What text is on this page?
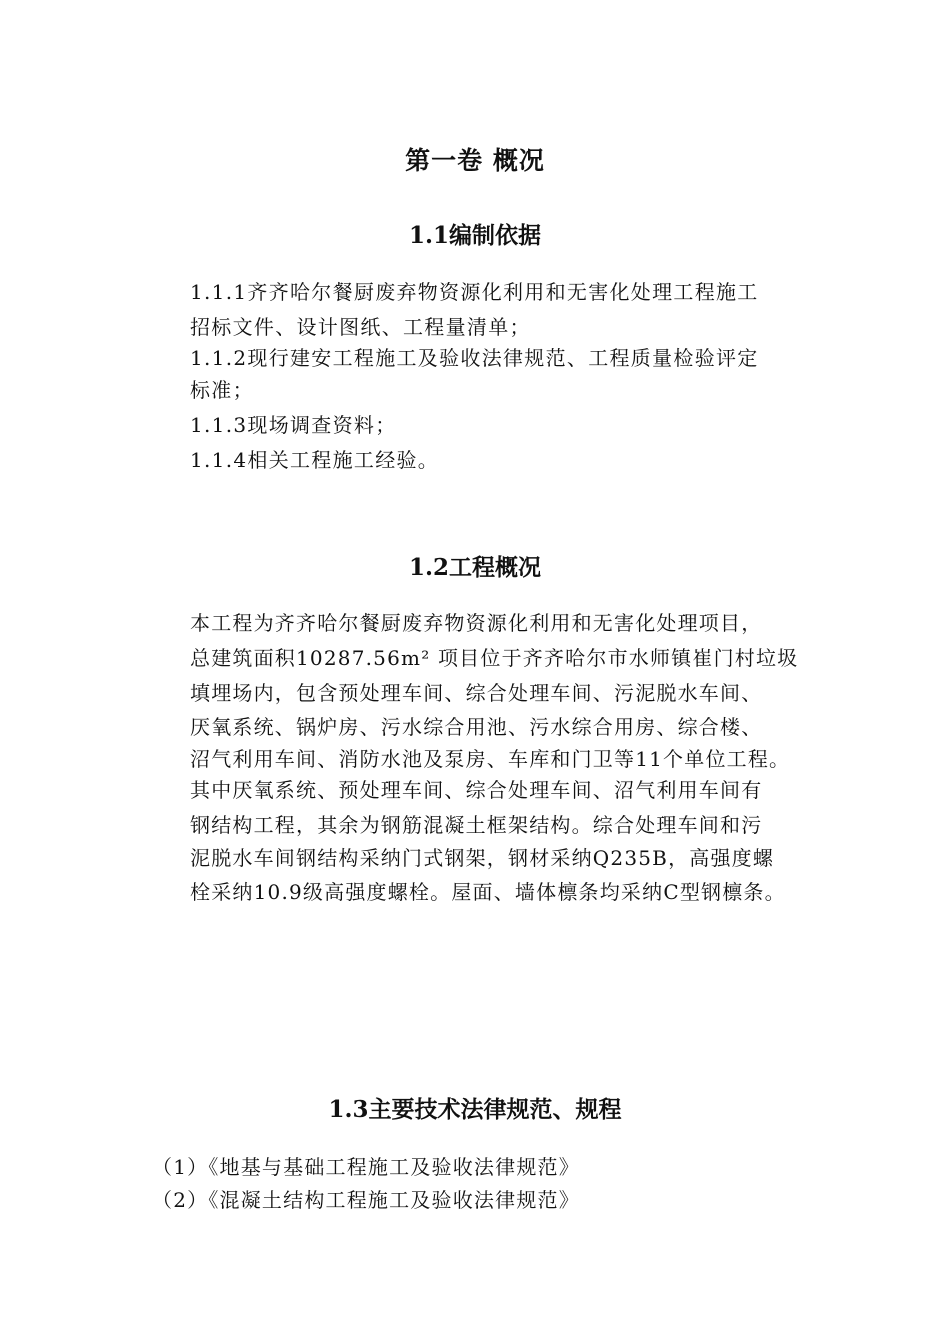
第一卷 概况
1.1编制依据
1.1.1齐齐哈尔餐厨废弃物资源化利用和无害化处理工程施工
招标文件、设计图纸、工程量清单；
1.1.2现行建安工程施工及验收法律规范、工程质量检验评定
标准；
1.1.3现场调查资料；
1.1.4相关工程施工经验。
1.2工程概况
本工程为齐齐哈尔餐厨废弃物资源化利用和无害化处理项目，
总建筑面积10287.56m² 项目位于齐齐哈尔市水师镇崔门村垃圾
填埋场内，包含预处理车间、综合处理车间、污泥脱水车间、
厌氧系统、锅炉房、污水综合用池、污水综合用房、综合楼、
沼气利用车间、消防水池及泵房、车库和门卫等11个单位工程。
其中厌氧系统、预处理车间、综合处理车间、沼气利用车间有
钢结构工程，其余为钢筋混凝土框架结构。综合处理车间和污
泥脱水车间钢结构采纳门式钢架，钢材采纳Q235B，高强度螺
栓采纳10.9级高强度螺栓。屋面、墙体檩条均采纳C型钢檩条。
1.3主要技术法律规范、规程
（1）《地基与基础工程施工及验收法律规范》
（2）《混凝土结构工程施工及验收法律规范》
